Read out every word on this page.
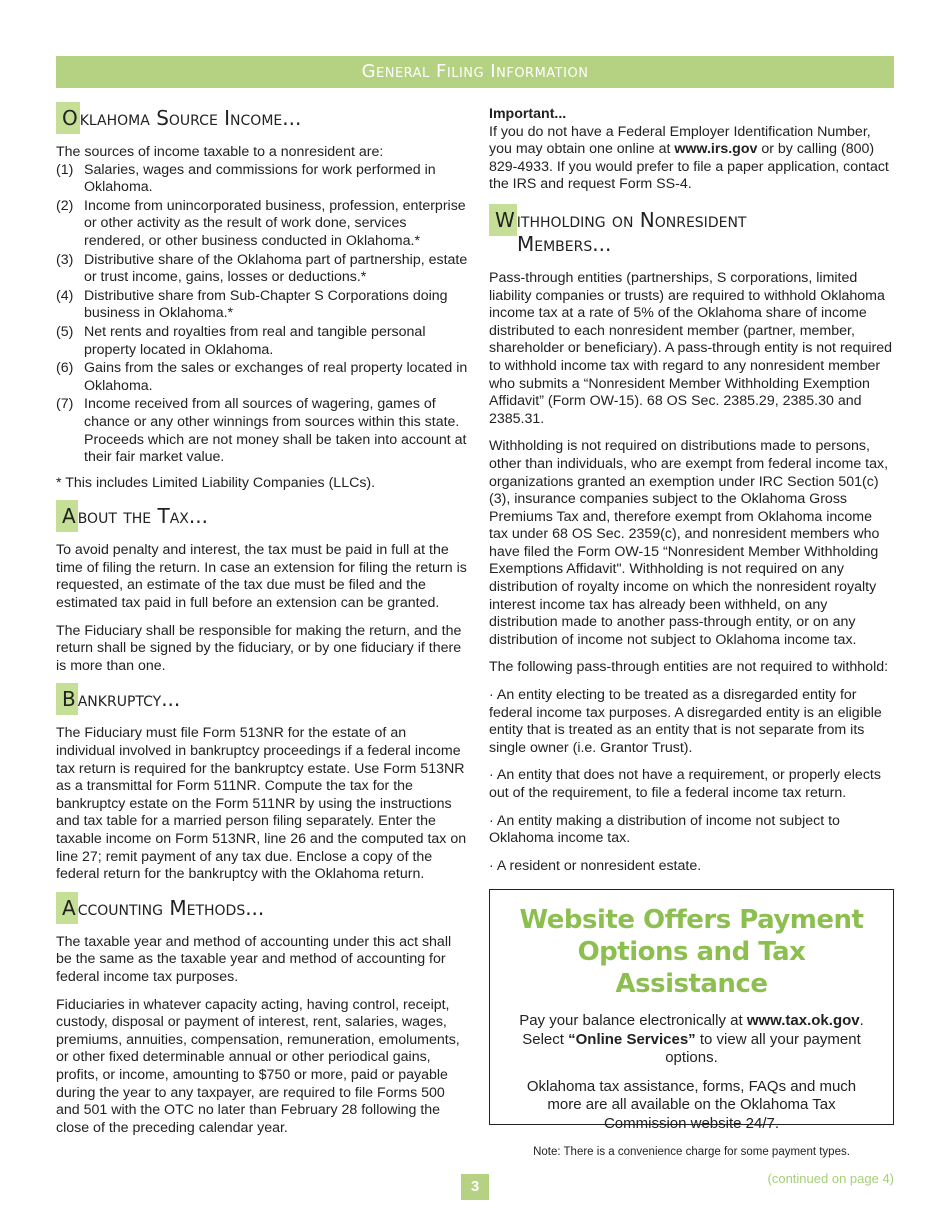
General Filing Information
O klahoma Source Income...

The sources of income taxable to a nonresident are:

(1) Salaries, wages and commissions for work performed in Oklahoma.
(2) Income from unincorporated business, profession, enterprise or other activity as the result of work done, services rendered, or other business conducted in Oklahoma.*
(3) Distributive share of the Oklahoma part of partnership, estate or trust income, gains, losses or deductions.*
(4) Distributive share from Sub-Chapter S Corporations doing business in Oklahoma.*
(5) Net rents and royalties from real and tangible personal property located in Oklahoma.
(6) Gains from the sales or exchanges of real property located in Oklahoma.
(7) Income received from all sources of wagering, games of chance or any other winnings from sources within this state. Proceeds which are not money shall be taken into account at their fair market value.

* This includes Limited Liability Companies (LLCs).

A bout the Tax...

To avoid penalty and interest, the tax must be paid in full at the time of filing the return. In case an extension for filing the return is requested, an estimate of the tax due must be filed and the estimated tax paid in full before an extension can be granted.

The Fiduciary shall be responsible for making the return, and the return shall be signed by the fiduciary, or by one fiduciary if there is more than one.

B ankruptcy...

The Fiduciary must file Form 513NR for the estate of an individual involved in bankruptcy proceedings if a federal income tax return is required for the bankruptcy estate. Use Form 513NR as a transmittal for Form 511NR. Compute the tax for the bankruptcy estate on the Form 511NR by using the instructions and tax table for a married person filing separately. Enter the taxable income on Form 513NR, line 26 and the computed tax on line 27; remit payment of any tax due. Enclose a copy of the federal return for the bankruptcy with the Oklahoma return.

A ccounting Methods...

The taxable year and method of accounting under this act shall be the same as the taxable year and method of accounting for federal income tax purposes.

Fiduciaries in whatever capacity acting, having control, receipt, custody, disposal or payment of interest, rent, salaries, wages, premiums, annuities, compensation, remuneration, emoluments, or other fixed determinable annual or other periodical gains, profits, or income, amounting to $750 or more, paid or payable during the year to any taxpayer, are required to file Forms 500 and 501 with the OTC no later than February 28 following the close of the preceding calendar year.

Important...

If you do not have a Federal Employer Identification Number, you may obtain one online at www.irs.gov or by calling (800) 829-4933. If you would prefer to file a paper application, contact the IRS and request Form SS-4.

W ithholding on Nonresident
Members...

Pass-through entities (partnerships, S corporations, limited liability companies or trusts) are required to withhold Oklahoma income tax at a rate of 5% of the Oklahoma share of income distributed to each nonresident member (partner, member, shareholder or beneficiary). A pass-through entity is not required to withhold income tax with regard to any nonresident member who submits a “Nonresident Member Withholding Exemption Affidavit” (Form OW-15). 68 OS Sec. 2385.29, 2385.30 and 2385.31.

Withholding is not required on distributions made to persons, other than individuals, who are exempt from federal income tax, organizations granted an exemption under IRC Section 501(c)(3), insurance companies subject to the Oklahoma Gross Premiums Tax and, therefore exempt from Oklahoma income tax under 68 OS Sec. 2359(c), and nonresident members who have filed the Form OW-15 “Nonresident Member Withholding Exemptions Affidavit". Withholding is not required on any distribution of royalty income on which the nonresident royalty interest income tax has already been withheld, on any distribution made to another pass-through entity, or on any distribution of income not subject to Oklahoma income tax.

The following pass-through entities are not required to withhold:

· An entity electing to be treated as a disregarded entity for federal income tax purposes. A disregarded entity is an eligible entity that is treated as an entity that is not separate from its single owner (i.e. Grantor Trust).

· An entity that does not have a requirement, or properly elects out of the requirement, to file a federal income tax return.

· An entity making a distribution of income not subject to Oklahoma income tax.

· A resident or nonresident estate.

Website Offers Payment Options and Tax Assistance

Pay your balance electronically at www.tax.ok.gov. Select “Online Services” to view all your payment options.

Oklahoma tax assistance, forms, FAQs and much more are all available on the Oklahoma Tax Commission website 24/7.

Note: There is a convenience charge for some payment types.

3	(continued on page 4)
